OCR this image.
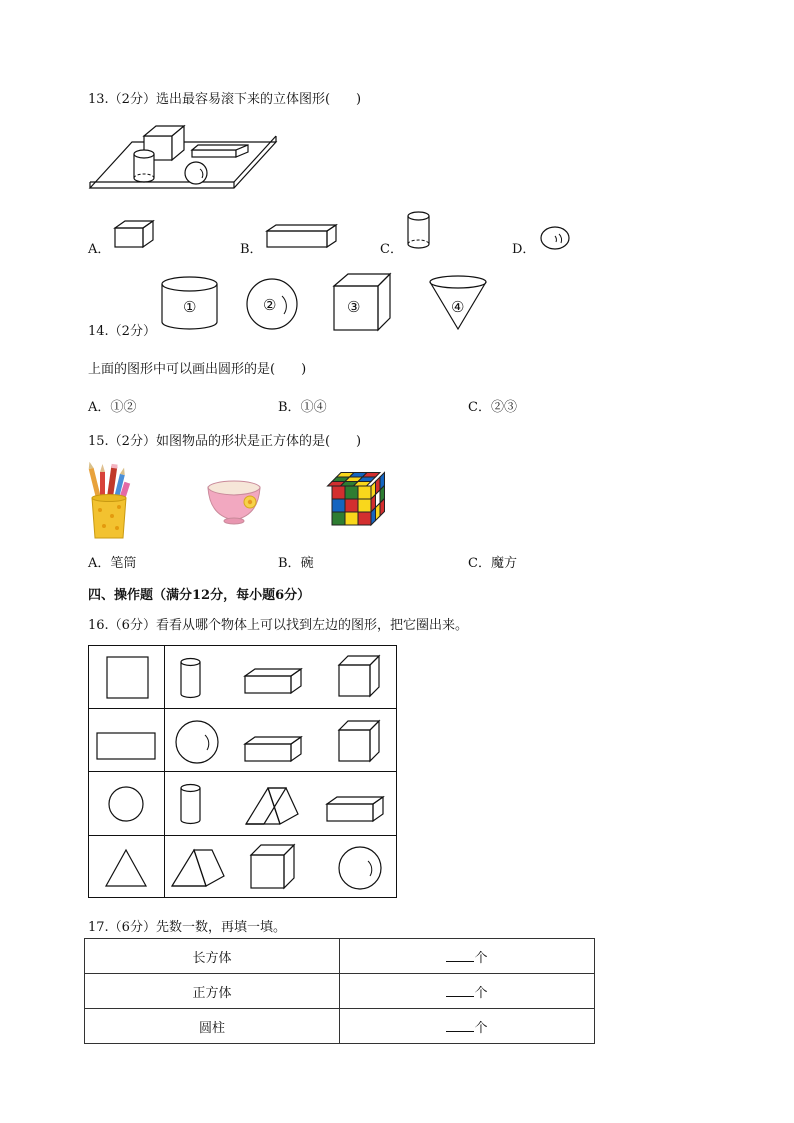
13.（2分）选出最容易滚下来的立体图形(　　)
A．	B．	C．	D．
①	②	③	④
14.（2分）
上面的图形中可以画出圆形的是(　　)
A．①②	B．①④	C．②③
15.（2分）如图物品的形状是正方体的是(　　)
A．笔筒	B．碗	C．魔方
四、操作题（满分12分，每小题6分）
16.（6分）看看从哪个物体上可以找到左边的图形，把它圈出来。
17.（6分）先数一数，再填一填。
长方体	个
正方体	个
圆柱	个
